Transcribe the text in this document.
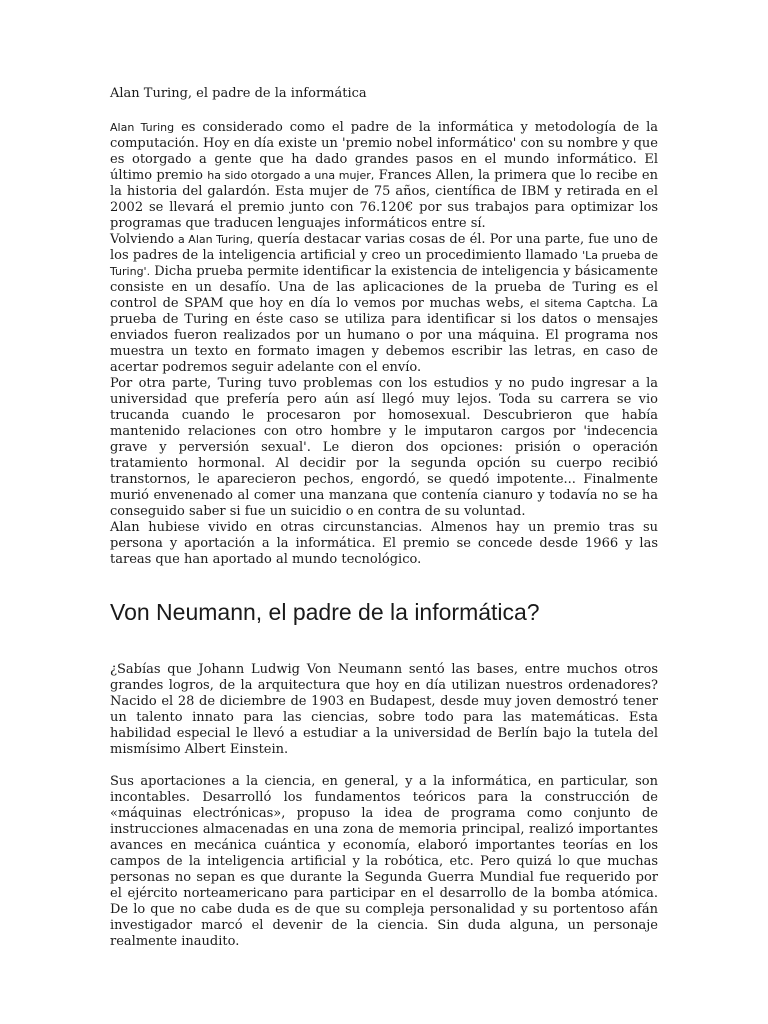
Alan Turing, el padre de la informática

Alan Turing es considerado como el padre de la informática y metodología de la computación. Hoy en día existe un 'premio nobel informático' con su nombre y que es otorgado a gente que ha dado grandes pasos en el mundo informático. El último premio ha sido otorgado a una mujer, Frances Allen, la primera que lo recibe en la historia del galardón. Esta mujer de 75 años, científica de IBM y retirada en el 2002 se llevará el premio junto con 76.120€ por sus trabajos para optimizar los programas que traducen lenguajes informáticos entre sí.

Volviendo a Alan Turing, quería destacar varias cosas de él. Por una parte, fue uno de los padres de la inteligencia artificial y creo un procedimiento llamado 'La prueba de Turing'. Dicha prueba permite identificar la existencia de inteligencia y básicamente consiste en un desafío. Una de las aplicaciones de la prueba de Turing es el control de SPAM que hoy en día lo vemos por muchas webs, el sitema Captcha. La prueba de Turing en éste caso se utiliza para identificar si los datos o mensajes enviados fueron realizados por un humano o por una máquina. El programa nos muestra un texto en formato imagen y debemos escribir las letras, en caso de acertar podremos seguir adelante con el envío.

Por otra parte, Turing tuvo problemas con los estudios y no pudo ingresar a la universidad que prefería pero aún así llegó muy lejos. Toda su carrera se vio trucanda cuando le procesaron por homosexual. Descubrieron que había mantenido relaciones con otro hombre y le imputaron cargos por 'indecencia grave y perversión sexual'. Le dieron dos opciones: prisión o operación tratamiento hormonal. Al decidir por la segunda opción su cuerpo recibió transtornos, le aparecieron pechos, engordó, se quedó impotente... Finalmente murió envenenado al comer una manzana que contenía cianuro y todavía no se ha conseguido saber si fue un suicidio o en contra de su voluntad.

Alan hubiese vivido en otras circunstancias. Almenos hay un premio tras su persona y aportación a la informática. El premio se concede desde 1966 y las tareas que han aportado al mundo tecnológico.

Von Neumann, el padre de la informática?

¿Sabías que Johann Ludwig Von Neumann sentó las bases, entre muchos otros grandes logros, de la arquitectura que hoy en día utilizan nuestros ordenadores? Nacido el 28 de diciembre de 1903 en Budapest, desde muy joven demostró tener un talento innato para las ciencias, sobre todo para las matemáticas. Esta habilidad especial le llevó a estudiar a la universidad de Berlín bajo la tutela del mismísimo Albert Einstein.

Sus aportaciones a la ciencia, en general, y a la informática, en particular, son incontables. Desarrolló los fundamentos teóricos para la construcción de «máquinas electrónicas», propuso la idea de programa como conjunto de instrucciones almacenadas en una zona de memoria principal, realizó importantes avances en mecánica cuántica y economía, elaboró importantes teorías en los campos de la inteligencia artificial y la robótica, etc. Pero quizá lo que muchas personas no sepan es que durante la Segunda Guerra Mundial fue requerido por el ejército norteamericano para participar en el desarrollo de la bomba atómica. De lo que no cabe duda es de que su compleja personalidad y su portentoso afán investigador marcó el devenir de la ciencia. Sin duda alguna, un personaje realmente inaudito.
